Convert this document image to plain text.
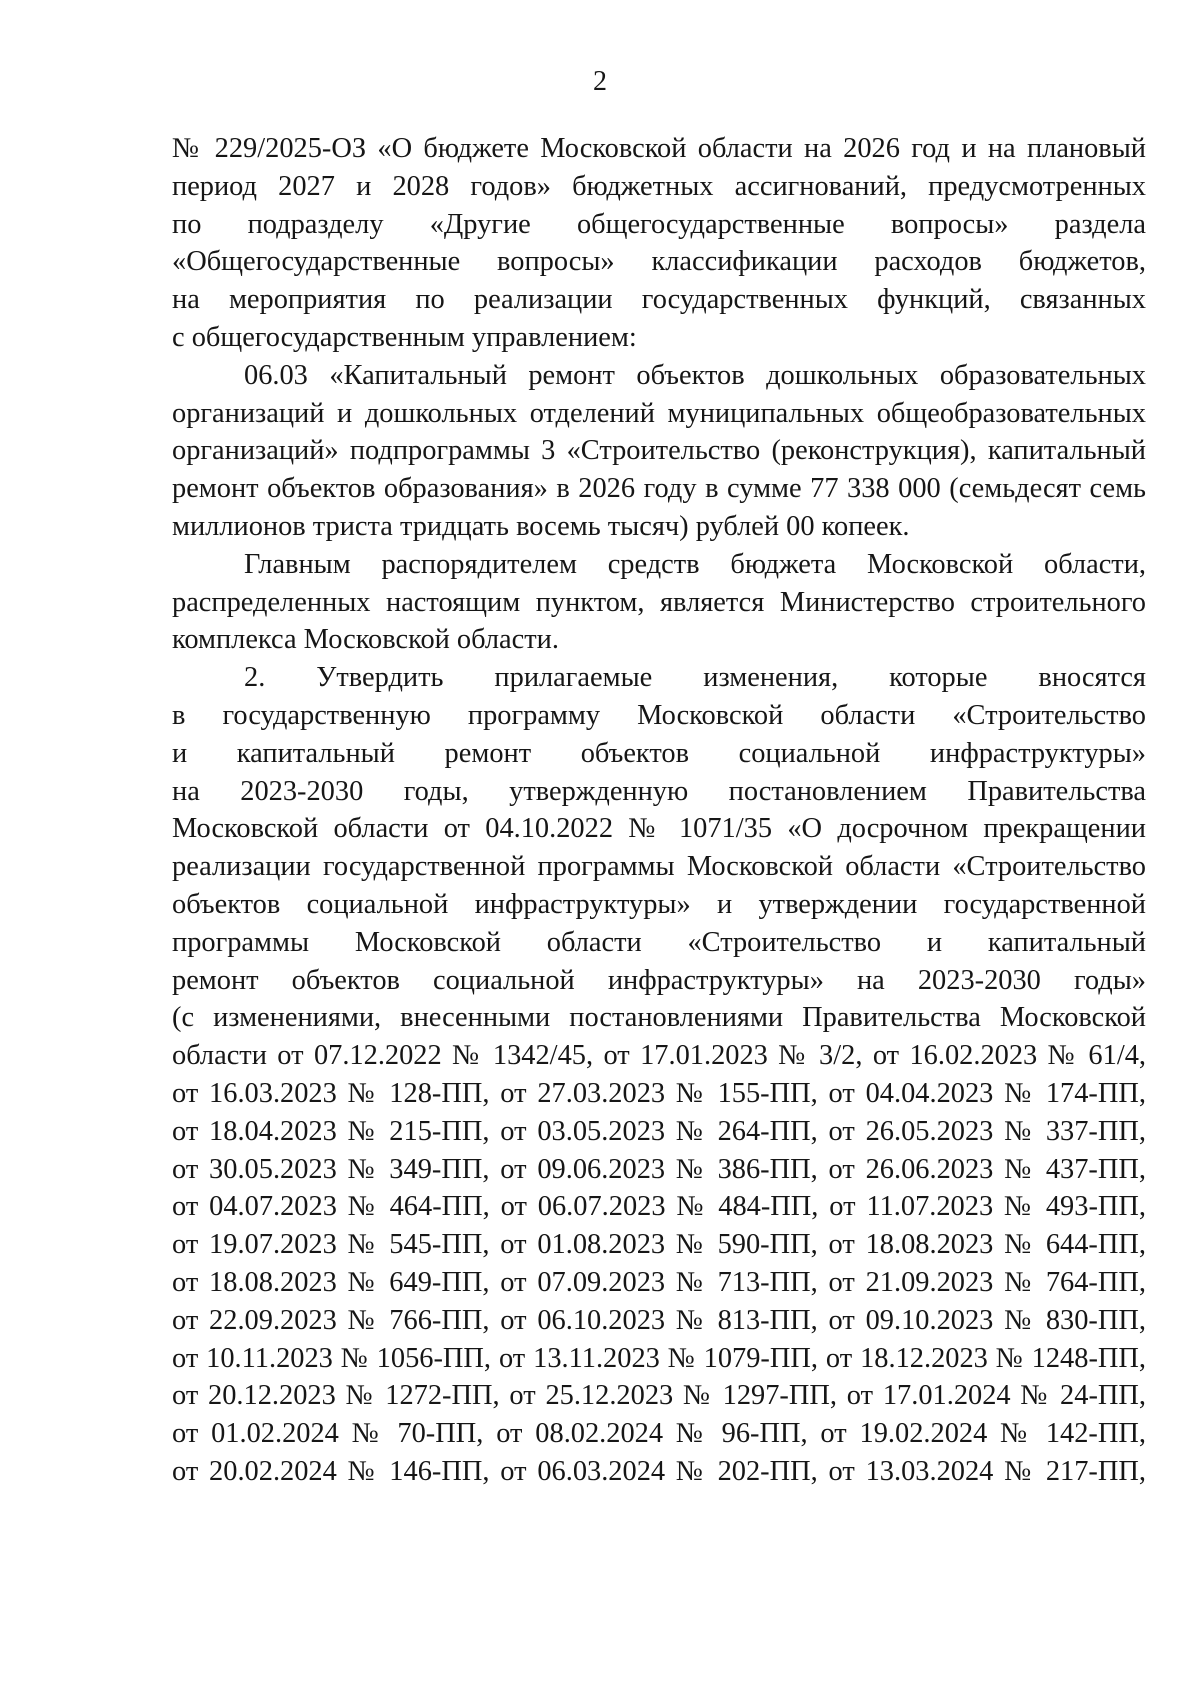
2

№ 229/2025-ОЗ «О бюджете Московской области на 2026 год и на плановый
период 2027 и 2028 годов» бюджетных ассигнований, предусмотренных
по подразделу «Другие общегосударственные вопросы» раздела
«Общегосударственные вопросы» классификации расходов бюджетов,
на мероприятия по реализации государственных функций, связанных
с общегосударственным управлением:

06.03 «Капитальный ремонт объектов дошкольных образовательных
организаций и дошкольных отделений муниципальных общеобразовательных
организаций» подпрограммы 3 «Строительство (реконструкция), капитальный
ремонт объектов образования» в 2026 году в сумме 77 338 000 (семьдесят семь
миллионов триста тридцать восемь тысяч) рублей 00 копеек.

Главным распорядителем средств бюджета Московской области,
распределенных настоящим пунктом, является Министерство строительного
комплекса Московской области.

2. Утвердить прилагаемые изменения, которые вносятся
в государственную программу Московской области «Строительство
и капитальный ремонт объектов социальной инфраструктуры»
на 2023-2030 годы, утвержденную постановлением Правительства
Московской области от 04.10.2022 № 1071/35 «О досрочном прекращении
реализации государственной программы Московской области «Строительство
объектов социальной инфраструктуры» и утверждении государственной
программы Московской области «Строительство и капитальный
ремонт объектов социальной инфраструктуры» на 2023-2030 годы»
(с изменениями, внесенными постановлениями Правительства Московской
области от 07.12.2022 № 1342/45, от 17.01.2023 № 3/2, от 16.02.2023 № 61/4,
от 16.03.2023 № 128-ПП, от 27.03.2023 № 155-ПП, от 04.04.2023 № 174-ПП,
от 18.04.2023 № 215-ПП, от 03.05.2023 № 264-ПП, от 26.05.2023 № 337-ПП,
от 30.05.2023 № 349-ПП, от 09.06.2023 № 386-ПП, от 26.06.2023 № 437-ПП,
от 04.07.2023 № 464-ПП, от 06.07.2023 № 484-ПП, от 11.07.2023 № 493-ПП,
от 19.07.2023 № 545-ПП, от 01.08.2023 № 590-ПП, от 18.08.2023 № 644-ПП,
от 18.08.2023 № 649-ПП, от 07.09.2023 № 713-ПП, от 21.09.2023 № 764-ПП,
от 22.09.2023 № 766-ПП, от 06.10.2023 № 813-ПП, от 09.10.2023 № 830-ПП,
от 10.11.2023 № 1056-ПП, от 13.11.2023 № 1079-ПП, от 18.12.2023 № 1248-ПП,
от 20.12.2023 № 1272-ПП, от 25.12.2023 № 1297-ПП, от 17.01.2024 № 24-ПП,
от 01.02.2024 № 70-ПП, от 08.02.2024 № 96-ПП, от 19.02.2024 № 142-ПП,
от 20.02.2024 № 146-ПП, от 06.03.2024 № 202-ПП, от 13.03.2024 № 217-ПП,
